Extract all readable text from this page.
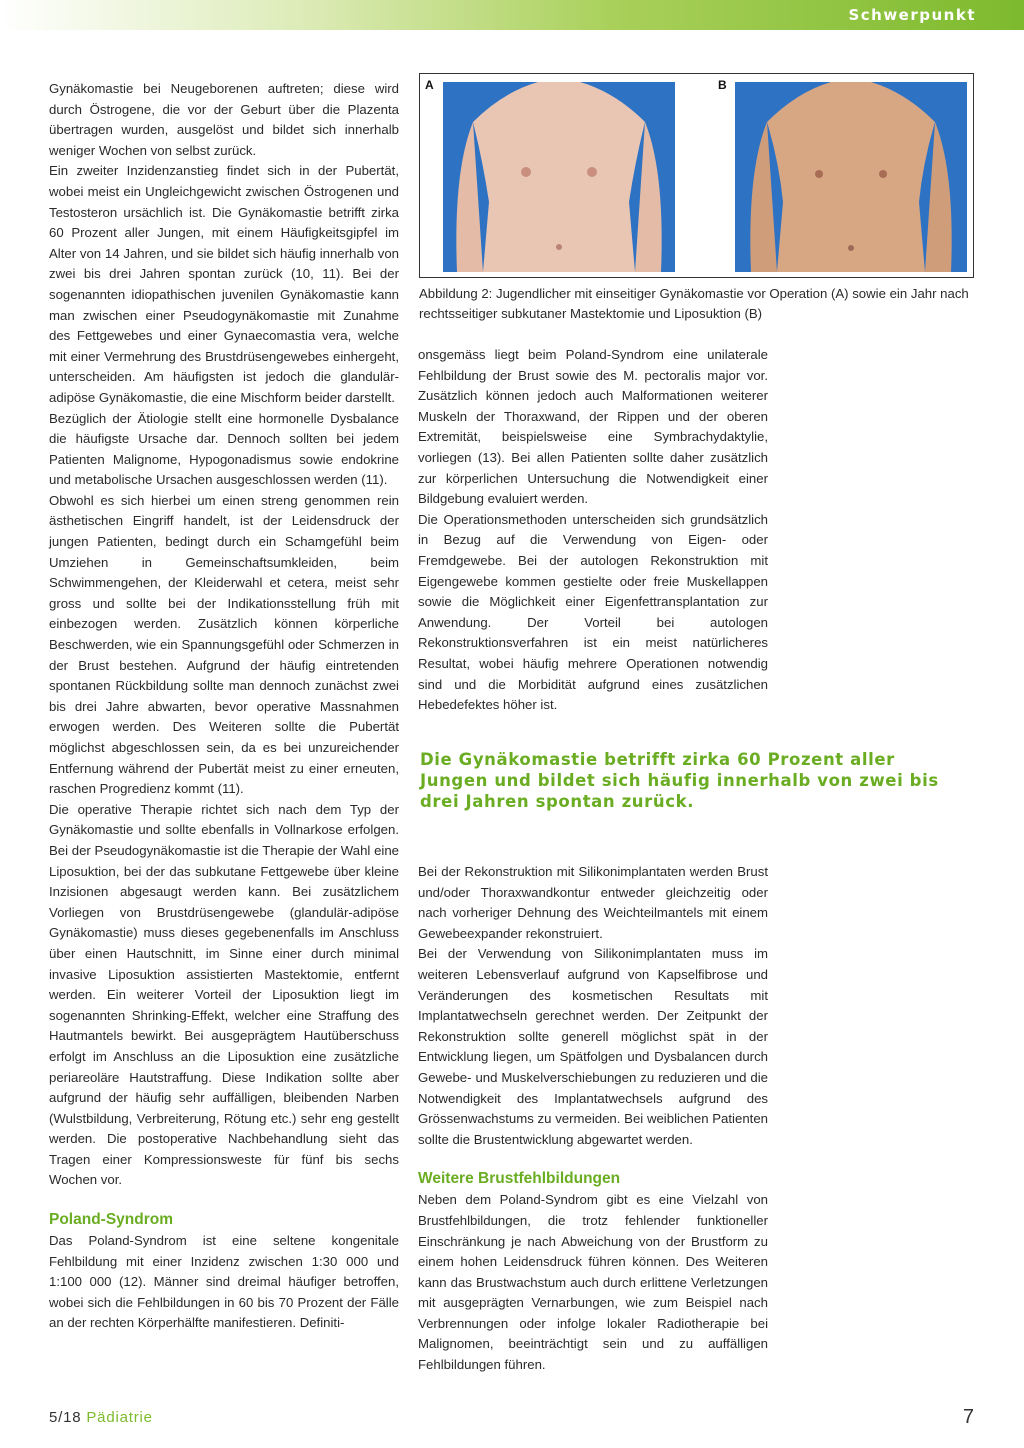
Schwerpunkt

Gynäkomastie bei Neugeborenen auftreten; diese wird durch Östrogene, die vor der Geburt über die Plazenta übertragen wurden, ausgelöst und bildet sich innerhalb weniger Wochen von selbst zurück.

Ein zweiter Inzidenzanstieg findet sich in der Pubertät, wobei meist ein Ungleichgewicht zwischen Östrogenen und Testosteron ursächlich ist. Die Gynäkomastie betrifft zirka 60 Prozent aller Jungen, mit einem Häufigkeitsgipfel im Alter von 14 Jahren, und sie bildet sich häufig innerhalb von zwei bis drei Jahren spontan zurück (10, 11). Bei der sogenannten idiopathischen juvenilen Gynäkomastie kann man zwischen einer Pseudogynäkomastie mit Zunahme des Fettgewebes und einer Gynaecomastia vera, welche mit einer Vermehrung des Brustdrüsengewebes einhergeht, unterscheiden. Am häufigsten ist jedoch die glandulär-adipöse Gynäkomastie, die eine Mischform beider darstellt.

Bezüglich der Ätiologie stellt eine hormonelle Dysbalance die häufigste Ursache dar. Dennoch sollten bei jedem Patienten Malignome, Hypogonadismus sowie endokrine und metabolische Ursachen ausgeschlossen werden (11).

Obwohl es sich hierbei um einen streng genommen rein ästhetischen Eingriff handelt, ist der Leidensdruck der jungen Patienten, bedingt durch ein Schamgefühl beim Umziehen in Gemeinschaftsumkleiden, beim Schwimmengehen, der Kleiderwahl et cetera, meist sehr gross und sollte bei der Indikationsstellung früh mit einbezogen werden. Zusätzlich können körperliche Beschwerden, wie ein Spannungsgefühl oder Schmerzen in der Brust bestehen. Aufgrund der häufig eintretenden spontanen Rückbildung sollte man dennoch zunächst zwei bis drei Jahre abwarten, bevor operative Massnahmen erwogen werden. Des Weiteren sollte die Pubertät möglichst abgeschlossen sein, da es bei unzureichender Entfernung während der Pubertät meist zu einer erneuten, raschen Progredienz kommt (11).

Die operative Therapie richtet sich nach dem Typ der Gynäkomastie und sollte ebenfalls in Vollnarkose erfolgen. Bei der Pseudogynäkomastie ist die Therapie der Wahl eine Liposuktion, bei der das subkutane Fettgewebe über kleine Inzisionen abgesaugt werden kann. Bei zusätzlichem Vorliegen von Brustdrüsengewebe (glandulär-adipöse Gynäkomastie) muss dieses gegebenenfalls im Anschluss über einen Hautschnitt, im Sinne einer durch minimal invasive Liposuktion assistierten Mastektomie, entfernt werden. Ein weiterer Vorteil der Liposuktion liegt im sogenannten Shrinking-Effekt, welcher eine Straffung des Hautmantels bewirkt. Bei ausgeprägtem Hautüberschuss erfolgt im Anschluss an die Liposuktion eine zusätzliche periareoläre Hautstraffung. Diese Indikation sollte aber aufgrund der häufig sehr auffälligen, bleibenden Narben (Wulstbildung, Verbreiterung, Rötung etc.) sehr eng gestellt werden. Die postoperative Nachbehandlung sieht das Tragen einer Kompressionsweste für fünf bis sechs Wochen vor.

Poland-Syndrom

Das Poland-Syndrom ist eine seltene kongenitale Fehlbildung mit einer Inzidenz zwischen 1:30 000 und 1:100 000 (12). Männer sind dreimal häufiger betroffen, wobei sich die Fehlbildungen in 60 bis 70 Prozent der Fälle an der rechten Körperhälfte manifestieren. Definiti-

A	B
Abbildung 2: Jugendlicher mit einseitiger Gynäkomastie vor Operation (A) sowie ein Jahr nach rechtsseitiger subkutaner Mastektomie und Liposuktion (B)

onsgemäss liegt beim Poland-Syndrom eine unilaterale Fehlbildung der Brust sowie des M. pectoralis major vor. Zusätzlich können jedoch auch Malformationen weiterer Muskeln der Thoraxwand, der Rippen und der oberen Extremität, beispielsweise eine Symbrachydaktylie, vorliegen (13). Bei allen Patienten sollte daher zusätzlich zur körperlichen Untersuchung die Notwendigkeit einer Bildgebung evaluiert werden.

Die Operationsmethoden unterscheiden sich grundsätzlich in Bezug auf die Verwendung von Eigen- oder Fremdgewebe. Bei der autologen Rekonstruktion mit Eigengewebe kommen gestielte oder freie Muskellappen sowie die Möglichkeit einer Eigenfettransplantation zur Anwendung. Der Vorteil bei autologen Rekonstruktionsverfahren ist ein meist natürlicheres Resultat, wobei häufig mehrere Operationen notwendig sind und die Morbidität aufgrund eines zusätzlichen Hebedefektes höher ist.

Die Gynäkomastie betrifft zirka 60 Prozent aller Jungen und bildet sich häufig innerhalb von zwei bis drei Jahren spontan zurück.

Bei der Rekonstruktion mit Silikonimplantaten werden Brust und/oder Thoraxwandkontur entweder gleichzeitig oder nach vorheriger Dehnung des Weichteilmantels mit einem Gewebeexpander rekonstruiert.

Bei der Verwendung von Silikonimplantaten muss im weiteren Lebensverlauf aufgrund von Kapselfibrose und Veränderungen des kosmetischen Resultats mit Implantatwechseln gerechnet werden. Der Zeitpunkt der Rekonstruktion sollte generell möglichst spät in der Entwicklung liegen, um Spätfolgen und Dysbalancen durch Gewebe- und Muskelverschiebungen zu reduzieren und die Notwendigkeit des Implantatwechsels aufgrund des Grössenwachstums zu vermeiden. Bei weiblichen Patienten sollte die Brustentwicklung abgewartet werden.

Weitere Brustfehlbildungen

Neben dem Poland-Syndrom gibt es eine Vielzahl von Brustfehlbildungen, die trotz fehlender funktioneller Einschränkung je nach Abweichung von der Brustform zu einem hohen Leidensdruck führen können. Des Weiteren kann das Brustwachstum auch durch erlittene Verletzungen mit ausgeprägten Vernarbungen, wie zum Beispiel nach Verbrennungen oder infolge lokaler Radiotherapie bei Malignomen, beeinträchtigt sein und zu auffälligen Fehlbildungen führen.

5/18 Pädiatrie	7
